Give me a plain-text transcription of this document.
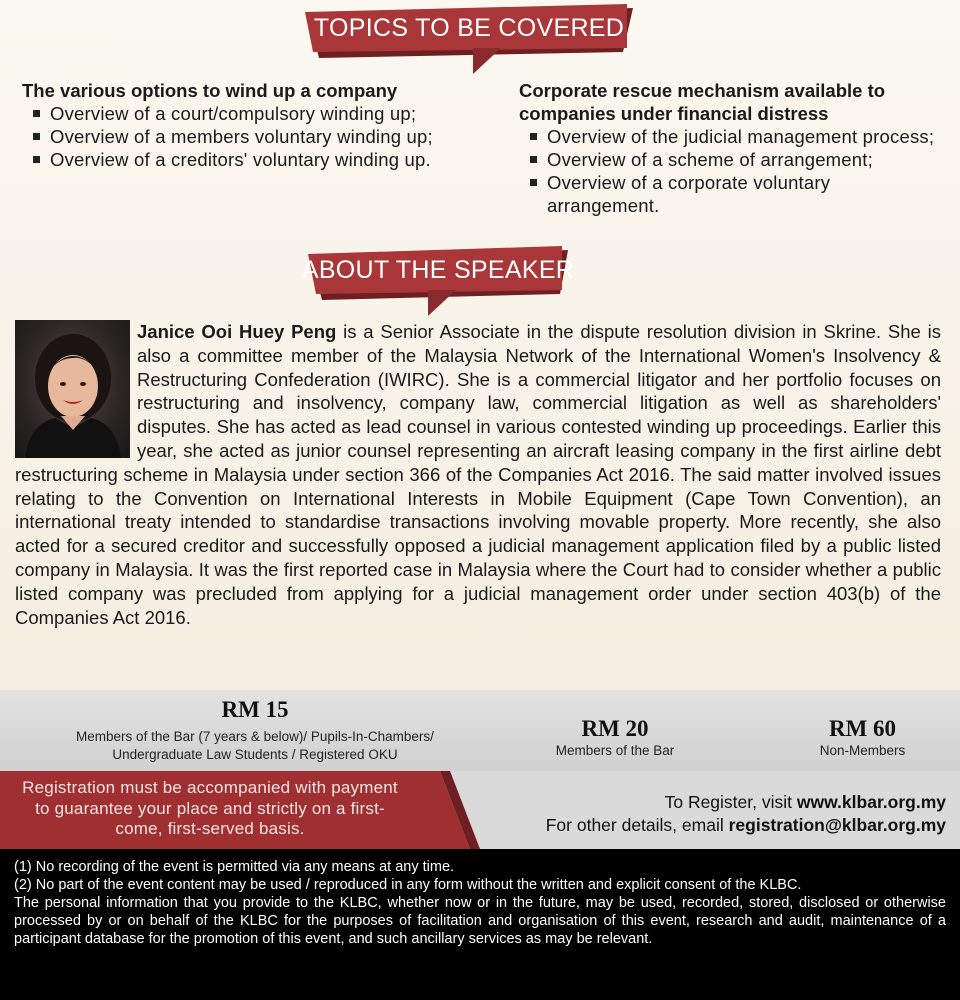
TOPICS TO BE COVERED
The various options to wind up a company
Overview of a court/compulsory winding up;
Overview of a members voluntary winding up;
Overview of a creditors' voluntary winding up.
Corporate rescue mechanism available to companies under financial distress
Overview of the judicial management process;
Overview of a scheme of arrangement;
Overview of a corporate voluntary arrangement.
ABOUT THE SPEAKER

Janice Ooi Huey Peng is a Senior Associate in the dispute resolution division in Skrine. She is also a committee member of the Malaysia Network of the International Women's Insolvency & Restructuring Confederation (IWIRC). She is a commercial litigator and her portfolio focuses on restructuring and insolvency, company law, commercial litigation as well as shareholders' disputes. She has acted as lead counsel in various contested winding up proceedings. Earlier this year, she acted as junior counsel representing an aircraft leasing company in the first airline debt restructuring scheme in Malaysia under section 366 of the Companies Act 2016. The said matter involved issues relating to the Convention on International Interests in Mobile Equipment (Cape Town Convention), an international treaty intended to standardise transactions involving movable property. More recently, she also acted for a secured creditor and successfully opposed a judicial management application filed by a public listed company in Malaysia. It was the first reported case in Malaysia where the Court had to consider whether a public listed company was precluded from applying for a judicial management order under section 403(b) of the Companies Act 2016.

RM 15
Members of the Bar (7 years & below)/ Pupils-In-Chambers/
Undergraduate Law Students / Registered OKU
RM 20
Members of the Bar
RM 60
Non-Members
Registration must be accompanied with payment to guarantee your place and strictly on a first-come, first-served basis.
To Register, visit www.klbar.org.my
For other details, email registration@klbar.org.my
(1) No recording of the event is permitted via any means at any time.
(2) No part of the event content may be used / reproduced in any form without the written and explicit consent of the KLBC.
The personal information that you provide to the KLBC, whether now or in the future, may be used, recorded, stored, disclosed or otherwise processed by or on behalf of the KLBC for the purposes of facilitation and organisation of this event, research and audit, maintenance of a participant database for the promotion of this event, and such ancillary services as may be relevant.
